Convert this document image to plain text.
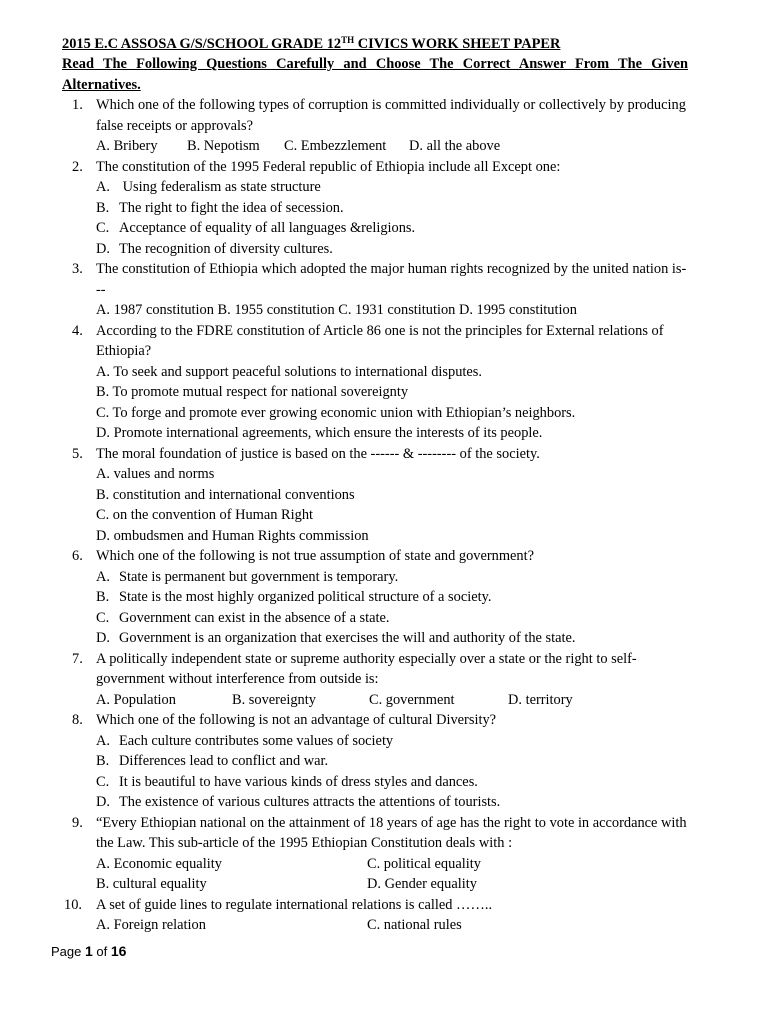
2015 E.C ASSOSA G/S/SCHOOL GRADE 12TH CIVICS WORK SHEET PAPER

Read The Following Questions Carefully and Choose The Correct Answer From The Given Alternatives.

1. Which one of the following types of corruption is committed individually or collectively by producing false receipts or approvals?

A. Bribery B. Nepotism C. Embezzlement D. all the above
2. The constitution of the 1995 Federal republic of Ethiopia include all Except one:

A. Using federalism as state structure

B. The right to fight the idea of secession.

C. Acceptance of equality of all languages &religions.

D. The recognition of diversity cultures.

3. The constitution of Ethiopia which adopted the major human rights recognized by the united nation is---

A. 1987 constitution B. 1955 constitution C. 1931 constitution D. 1995 constitution

4. According to the FDRE constitution of Article 86 one is not the principles for External relations of Ethiopia?

A. To seek and support peaceful solutions to international disputes.

B. To promote mutual respect for national sovereignty

C. To forge and promote ever growing economic union with Ethiopian’s neighbors.

D. Promote international agreements, which ensure the interests of its people.

5. The moral foundation of justice is based on the ------ & -------- of the society.

A. values and norms

B. constitution and international conventions

C. on the convention of Human Right

D. ombudsmen and Human Rights commission

6. Which one of the following is not true assumption of state and government?

A. State is permanent but government is temporary.

B. State is the most highly organized political structure of a society.

C. Government can exist in the absence of a state.

D. Government is an organization that exercises the will and authority of the state.

7. A politically independent state or supreme authority especially over a state or the right to self-government without interference from outside is:

A. Population	B. sovereignty	C. government	D. territory
8. Which one of the following is not an advantage of cultural Diversity?

A. Each culture contributes some values of society

B. Differences lead to conflict and war.

C. It is beautiful to have various kinds of dress styles and dances.

D. The existence of various cultures attracts the attentions of tourists.

9. “Every Ethiopian national on the attainment of 18 years of age has the right to vote in accordance with the Law. This sub-article of the 1995 Ethiopian Constitution deals with :

A. Economic equality	C. political equality
B. cultural equality	D. Gender equality
10. A set of guide lines to regulate international relations is called ……..

A. Foreign relation	C. national rules
Page 1 of 16
